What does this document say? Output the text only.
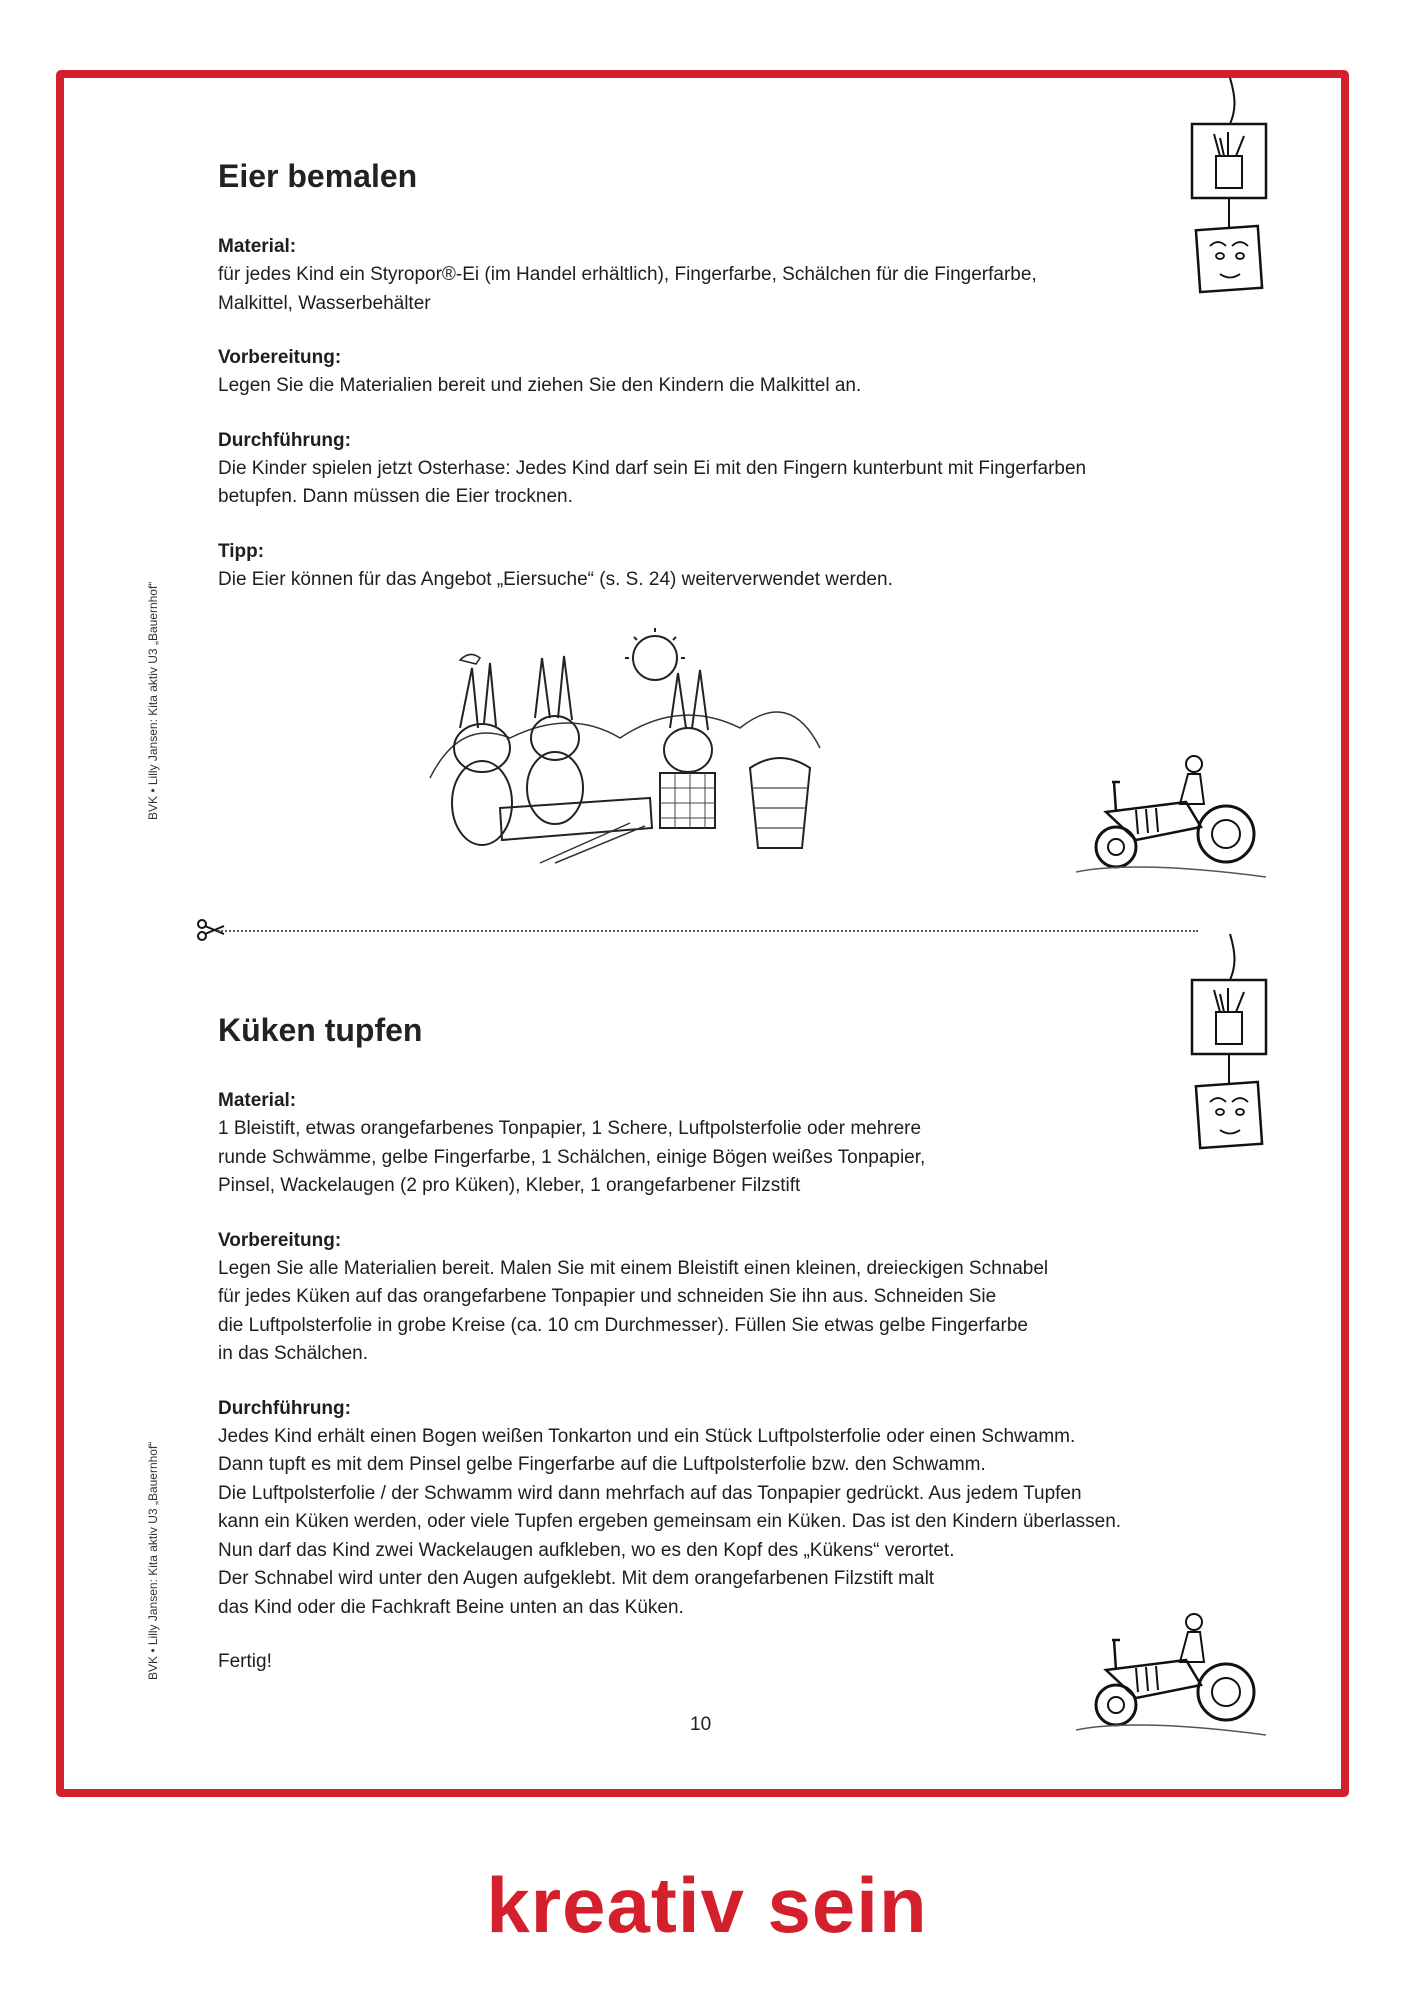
BVK • Lilly Jansen: Kita aktiv U3 „Bauernhof“
BVK • Lilly Jansen: Kita aktiv U3 „Bauernhof“
Eier bemalen
Material:
für jedes Kind ein Styropor®-Ei (im Handel erhältlich), Fingerfarbe, Schälchen für die Fingerfarbe,
Malkittel, Wasserbehälter
Vorbereitung:
Legen Sie die Materialien bereit und ziehen Sie den Kindern die Malkittel an.
Durchführung:
Die Kinder spielen jetzt Osterhase: Jedes Kind darf sein Ei mit den Fingern kunterbunt mit Fingerfarben
betupfen. Dann müssen die Eier trocknen.
Tipp:
Die Eier können für das Angebot „Eiersuche“ (s. S. 24) weiterverwendet werden.
Küken tupfen
Material:
1 Bleistift, etwas orangefarbenes Tonpapier, 1 Schere, Luftpolsterfolie oder mehrere
runde Schwämme, gelbe Fingerfarbe, 1 Schälchen, einige Bögen weißes Tonpapier,
Pinsel, Wackelaugen (2 pro Küken), Kleber, 1 orangefarbener Filzstift
Vorbereitung:
Legen Sie alle Materialien bereit. Malen Sie mit einem Bleistift einen kleinen, dreieckigen Schnabel
für jedes Küken auf das orangefarbene Tonpapier und schneiden Sie ihn aus. Schneiden Sie
die Luftpolsterfolie in grobe Kreise (ca. 10 cm Durchmesser). Füllen Sie etwas gelbe Fingerfarbe
in das Schälchen.
Durchführung:
Jedes Kind erhält einen Bogen weißen Tonkarton und ein Stück Luftpolsterfolie oder einen Schwamm.
Dann tupft es mit dem Pinsel gelbe Fingerfarbe auf die Luftpolsterfolie bzw. den Schwamm.
Die Luftpolsterfolie / der Schwamm wird dann mehrfach auf das Tonpapier gedrückt. Aus jedem Tupfen
kann ein Küken werden, oder viele Tupfen ergeben gemeinsam ein Küken. Das ist den Kindern überlassen.
Nun darf das Kind zwei Wackelaugen aufkleben, wo es den Kopf des „Kükens“ verortet.
Der Schnabel wird unter den Augen aufgeklebt. Mit dem orangefarbenen Filzstift malt
das Kind oder die Fachkraft Beine unten an das Küken.
Fertig!
10
kreativ sein
